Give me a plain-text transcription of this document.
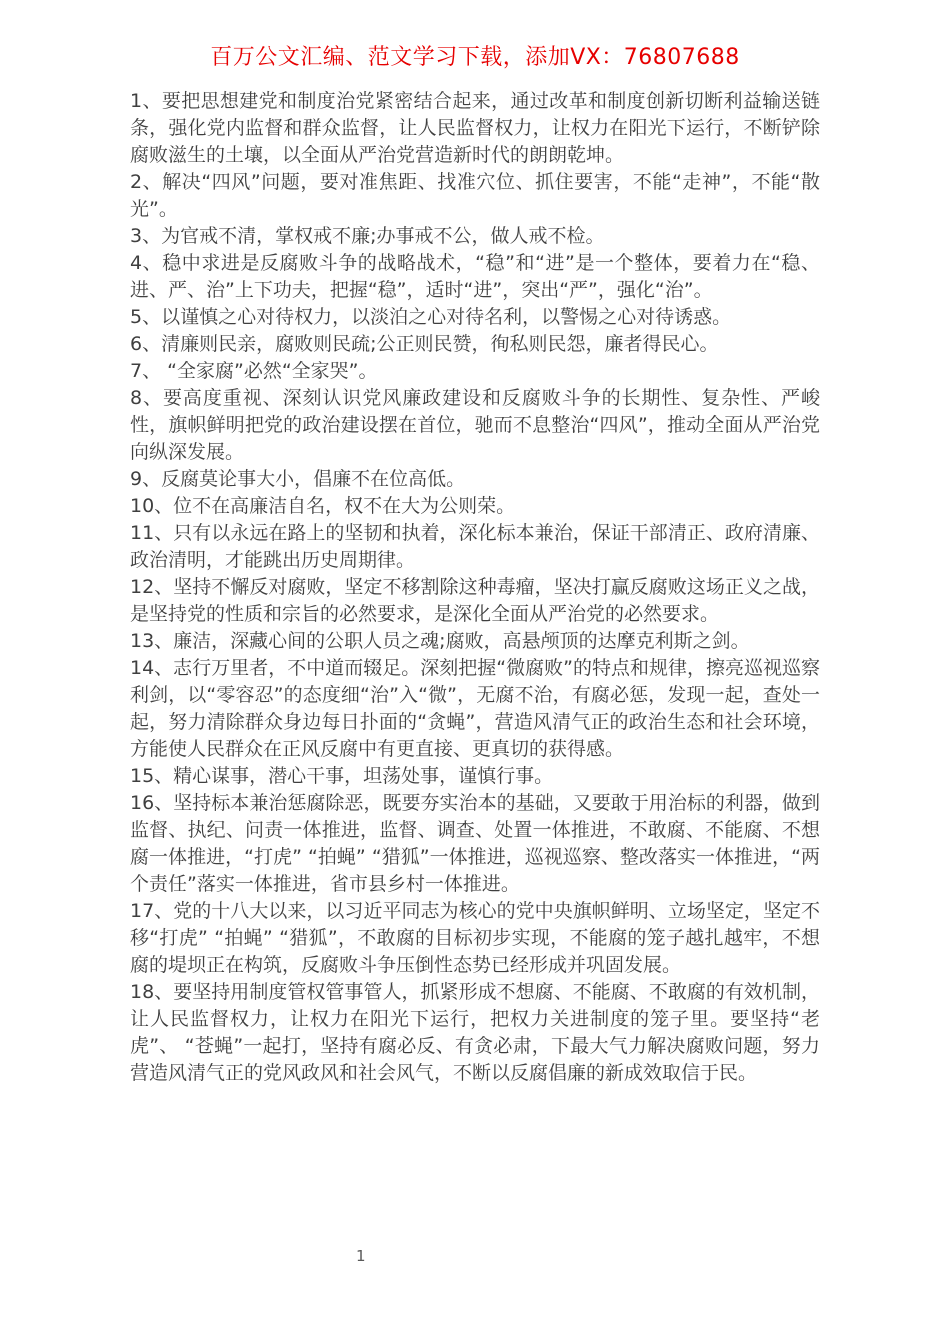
百万公文汇编、范文学习下载，添加VX：76807688

1、要把思想建党和制度治党紧密结合起来，通过改革和制度创新切断利益输送链条，强化党内监督和群众监督，让人民监督权力，让权力在阳光下运行，不断铲除腐败滋生的土壤，以全面从严治党营造新时代的朗朗乾坤。

2、解决“四风”问题，要对准焦距、找准穴位、抓住要害，不能“走神”，不能“散光”。

3、为官戒不清，掌权戒不廉;办事戒不公，做人戒不检。

4、稳中求进是反腐败斗争的战略战术，“稳”和“进”是一个整体，要着力在“稳、进、严、治”上下功夫，把握“稳”，适时“进”，突出“严”，强化“治”。

5、以谨慎之心对待权力，以淡泊之心对待名利，以警惕之心对待诱惑。

6、清廉则民亲，腐败则民疏;公正则民赞，徇私则民怨，廉者得民心。

7、 “全家腐”必然“全家哭”。

8、要高度重视、深刻认识党风廉政建设和反腐败斗争的长期性、复杂性、严峻性，旗帜鲜明把党的政治建设摆在首位，驰而不息整治“四风”，推动全面从严治党向纵深发展。

9、反腐莫论事大小，倡廉不在位高低。

10、位不在高廉洁自名，权不在大为公则荣。

11、只有以永远在路上的坚韧和执着，深化标本兼治，保证干部清正、政府清廉、政治清明，才能跳出历史周期律。

12、坚持不懈反对腐败，坚定不移割除这种毒瘤，坚决打赢反腐败这场正义之战，是坚持党的性质和宗旨的必然要求，是深化全面从严治党的必然要求。

13、廉洁，深藏心间的公职人员之魂;腐败，高悬颅顶的达摩克利斯之剑。

14、志行万里者，不中道而辍足。深刻把握“微腐败”的特点和规律，擦亮巡视巡察利剑，以“零容忍”的态度细“治”入“微”，无腐不治，有腐必惩，发现一起，查处一起，努力清除群众身边每日扑面的“贪蝇”，营造风清气正的政治生态和社会环境，方能使人民群众在正风反腐中有更直接、更真切的获得感。

15、精心谋事，潜心干事，坦荡处事，谨慎行事。

16、坚持标本兼治惩腐除恶，既要夯实治本的基础，又要敢于用治标的利器，做到监督、执纪、问责一体推进，监督、调查、处置一体推进，不敢腐、不能腐、不想腐一体推进，“打虎” “拍蝇” “猎狐”一体推进，巡视巡察、整改落实一体推进，“两个责任”落实一体推进，省市县乡村一体推进。

17、党的十八大以来，以习近平同志为核心的党中央旗帜鲜明、立场坚定，坚定不移“打虎” “拍蝇” “猎狐”，不敢腐的目标初步实现，不能腐的笼子越扎越牢，不想腐的堤坝正在构筑，反腐败斗争压倒性态势已经形成并巩固发展。

18、要坚持用制度管权管事管人，抓紧形成不想腐、不能腐、不敢腐的有效机制，让人民监督权力，让权力在阳光下运行，把权力关进制度的笼子里。要坚持“老虎”、 “苍蝇”一起打，坚持有腐必反、有贪必肃，下最大气力解决腐败问题，努力营造风清气正的党风政风和社会风气，不断以反腐倡廉的新成效取信于民。

1
